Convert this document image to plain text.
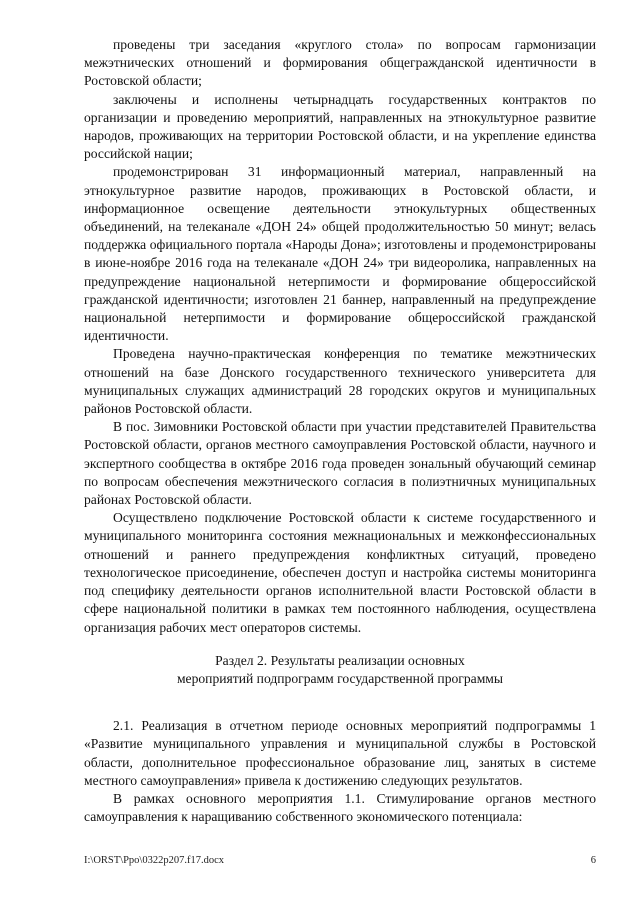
проведены три заседания «круглого стола» по вопросам гармонизации межэтнических отношений и формирования общегражданской идентичности в Ростовской области;

заключены и исполнены четырнадцать государственных контрактов по организации и проведению мероприятий, направленных на этнокультурное развитие народов, проживающих на территории Ростовской области, и на укрепление единства российской нации;

продемонстрирован 31 информационный материал, направленный на этнокультурное развитие народов, проживающих в Ростовской области, и информационное освещение деятельности этнокультурных общественных объединений, на телеканале «ДОН 24» общей продолжительностью 50 минут; велась поддержка официального портала «Народы Дона»; изготовлены и продемонстрированы в июне-ноябре 2016 года на телеканале «ДОН 24» три видеоролика, направленных на предупреждение национальной нетерпимости и формирование общероссийской гражданской идентичности; изготовлен 21 баннер, направленный на предупреждение национальной нетерпимости и формирование общероссийской гражданской идентичности.

Проведена научно-практическая конференция по тематике межэтнических отношений на базе Донского государственного технического университета для муниципальных служащих администраций 28 городских округов и муниципальных районов Ростовской области.

В пос. Зимовники Ростовской области при участии представителей Правительства Ростовской области, органов местного самоуправления Ростовской области, научного и экспертного сообщества в октябре 2016 года проведен зональный обучающий семинар по вопросам обеспечения межэтнического согласия в полиэтничных муниципальных районах Ростовской области.

Осуществлено подключение Ростовской области к системе государственного и муниципального мониторинга состояния межнациональных и межконфессиональных отношений и раннего предупреждения конфликтных ситуаций, проведено технологическое присоединение, обеспечен доступ и настройка системы мониторинга под специфику деятельности органов исполнительной власти Ростовской области в сфере национальной политики в рамках тем постоянного наблюдения, осуществлена организация рабочих мест операторов системы.

Раздел 2. Результаты реализации основных
мероприятий подпрограмм государственной программы

2.1. Реализация в отчетном периоде основных мероприятий подпрограммы 1 «Развитие муниципального управления и муниципальной службы в Ростовской области, дополнительное профессиональное образование лиц, занятых в системе местного самоуправления» привела к достижению следующих результатов.

В рамках основного мероприятия 1.1. Стимулирование органов местного самоуправления к наращиванию собственного экономического потенциала:

I:\ORST\Ppo\0322p207.f17.docx	6
